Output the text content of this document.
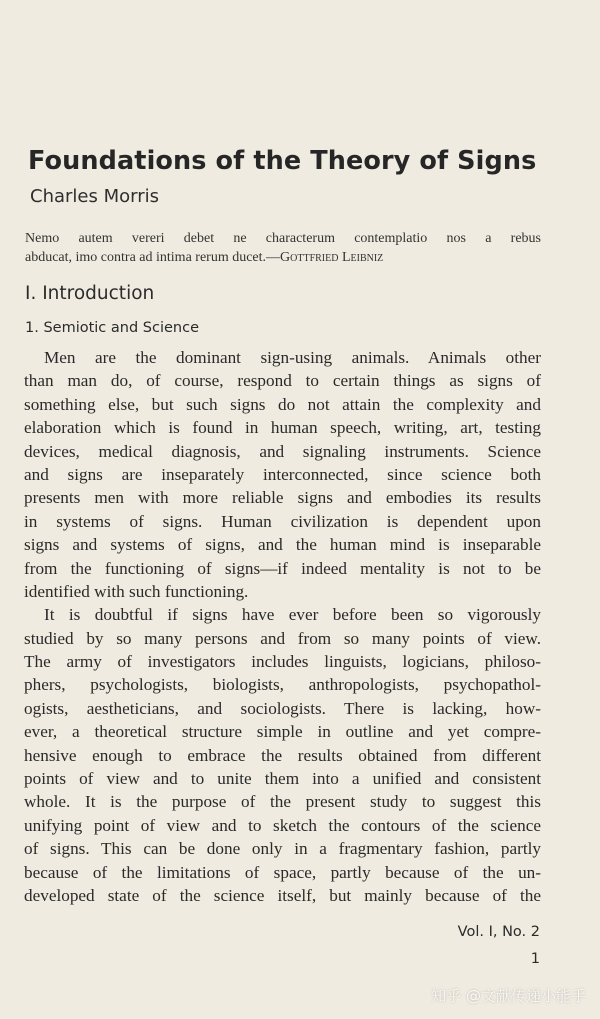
Foundations of the Theory of Signs
Charles Morris
Nemo autem vereri debet ne characterum contemplatio nos a rebus
abducat, imo contra ad intima rerum ducet.—Gottfried Leibniz
I. Introduction
1. Semiotic and Science
Men are the dominant sign-using animals. Animals other
than man do, of course, respond to certain things as signs of
something else, but such signs do not attain the complexity and
elaboration which is found in human speech, writing, art, testing
devices, medical diagnosis, and signaling instruments. Science
and signs are inseparately interconnected, since science both
presents men with more reliable signs and embodies its results
in systems of signs. Human civilization is dependent upon
signs and systems of signs, and the human mind is inseparable
from the functioning of signs—if indeed mentality is not to be
identified with such functioning.
It is doubtful if signs have ever before been so vigorously
studied by so many persons and from so many points of view.
The army of investigators includes linguists, logicians, philoso-
phers, psychologists, biologists, anthropologists, psychopathol-
ogists, aestheticians, and sociologists. There is lacking, how-
ever, a theoretical structure simple in outline and yet compre-
hensive enough to embrace the results obtained from different
points of view and to unite them into a unified and consistent
whole. It is the purpose of the present study to suggest this
unifying point of view and to sketch the contours of the science
of signs. This can be done only in a fragmentary fashion, partly
because of the limitations of space, partly because of the un-
developed state of the science itself, but mainly because of the
Vol. I, No. 2
1
知乎 @文献传递小能手
